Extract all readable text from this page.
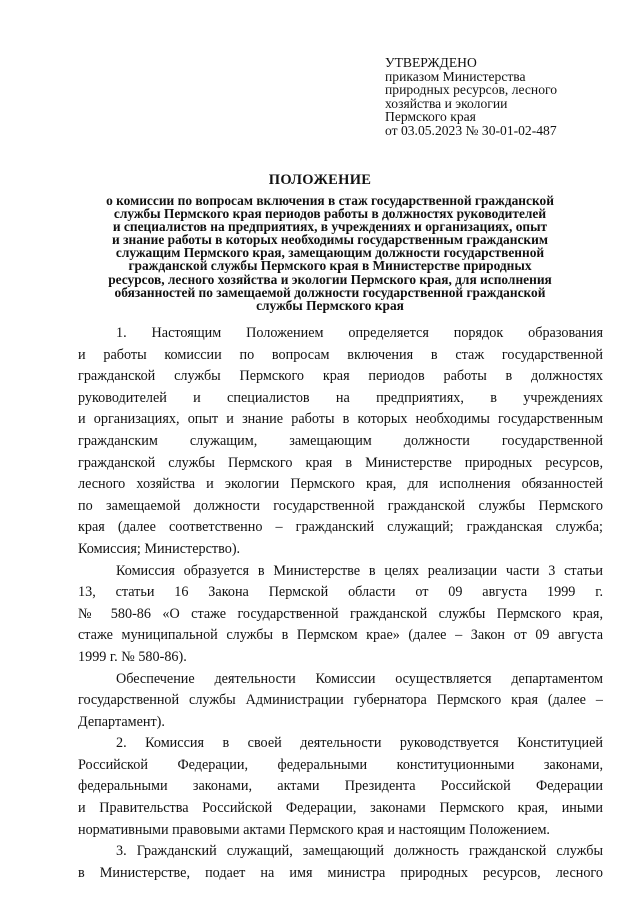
УТВЕРЖДЕНО
приказом Министерства
природных ресурсов, лесного
хозяйства и экологии
Пермского края
от 03.05.2023 № 30-01-02-487
ПОЛОЖЕНИЕ
о комиссии по вопросам включения в стаж государственной гражданской
службы Пермского края периодов работы в должностях руководителей
и специалистов на предприятиях, в учреждениях и организациях, опыт
и знание работы в которых необходимы государственным гражданским
служащим Пермского края, замещающим должности государственной
гражданской службы Пермского края в Министерстве природных
ресурсов, лесного хозяйства и экологии Пермского края, для исполнения
обязанностей по замещаемой должности государственной гражданской
службы Пермского края
1. Настоящим Положением определяется порядок образования
и работы комиссии по вопросам включения в стаж государственной
гражданской службы Пермского края периодов работы в должностях
руководителей и специалистов на предприятиях, в учреждениях
и организациях, опыт и знание работы в которых необходимы государственным
гражданским служащим, замещающим должности государственной
гражданской службы Пермского края в Министерстве природных ресурсов,
лесного хозяйства и экологии Пермского края, для исполнения обязанностей
по замещаемой должности государственной гражданской службы Пермского
края (далее соответственно – гражданский служащий; гражданская служба;
Комиссия; Министерство).
Комиссия образуется в Министерстве в целях реализации части 3 статьи
13, статьи 16 Закона Пермской области от 09 августа 1999 г.
№ 580-86 «О стаже государственной гражданской службы Пермского края,
стаже муниципальной службы в Пермском крае» (далее – Закон от 09 августа
1999 г. № 580-86).
Обеспечение деятельности Комиссии осуществляется департаментом
государственной службы Администрации губернатора Пермского края (далее –
Департамент).
2. Комиссия в своей деятельности руководствуется Конституцией
Российской Федерации, федеральными конституционными законами,
федеральными законами, актами Президента Российской Федерации
и Правительства Российской Федерации, законами Пермского края, иными
нормативными правовыми актами Пермского края и настоящим Положением.
3. Гражданский служащий, замещающий должность гражданской службы
в Министерстве, подает на имя министра природных ресурсов, лесного
